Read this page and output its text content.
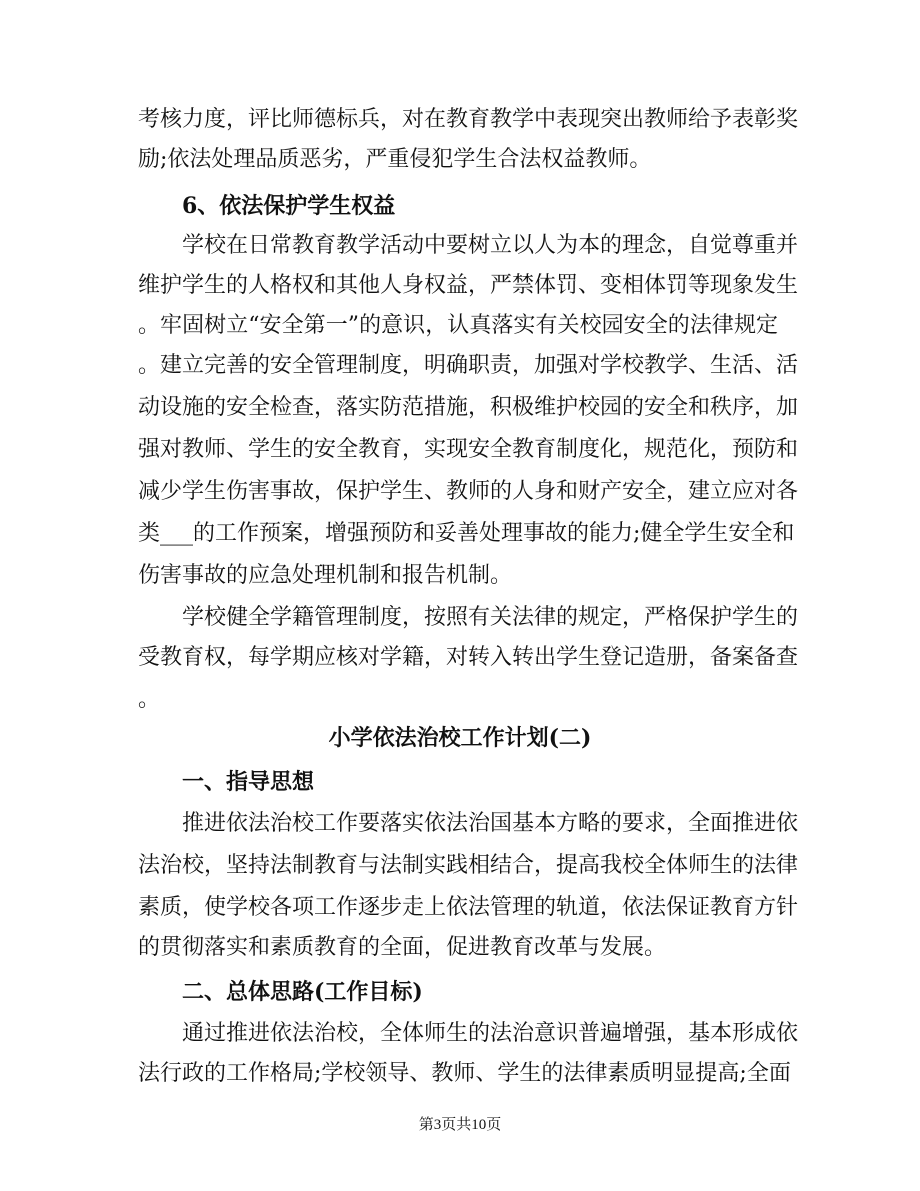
考核力度，评比师德标兵，对在教育教学中表现突出教师给予表彰奖
励;依法处理品质恶劣，严重侵犯学生合法权益教师。
6、依法保护学生权益
学校在日常教育教学活动中要树立以人为本的理念，自觉尊重并
维护学生的人格权和其他人身权益，严禁体罚、变相体罚等现象发生
。牢固树立“安全第一”的意识，认真落实有关校园安全的法律规定
。建立完善的安全管理制度，明确职责，加强对学校教学、生活、活
动设施的安全检查，落实防范措施，积极维护校园的安全和秩序，加
强对教师、学生的安全教育，实现安全教育制度化，规范化，预防和
减少学生伤害事故，保护学生、教师的人身和财产安全，建立应对各
类___的工作预案，增强预防和妥善处理事故的能力;健全学生安全和
伤害事故的应急处理机制和报告机制。
学校健全学籍管理制度，按照有关法律的规定，严格保护学生的
受教育权，每学期应核对学籍，对转入转出学生登记造册，备案备查
。
小学依法治校工作计划(二)
一、指导思想
推进依法治校工作要落实依法治国基本方略的要求，全面推进依
法治校，坚持法制教育与法制实践相结合，提高我校全体师生的法律
素质，使学校各项工作逐步走上依法管理的轨道，依法保证教育方针
的贯彻落实和素质教育的全面，促进教育改革与发展。
二、总体思路(工作目标)
通过推进依法治校，全体师生的法治意识普遍增强，基本形成依
法行政的工作格局;学校领导、教师、学生的法律素质明显提高;全面
第3页共10页
